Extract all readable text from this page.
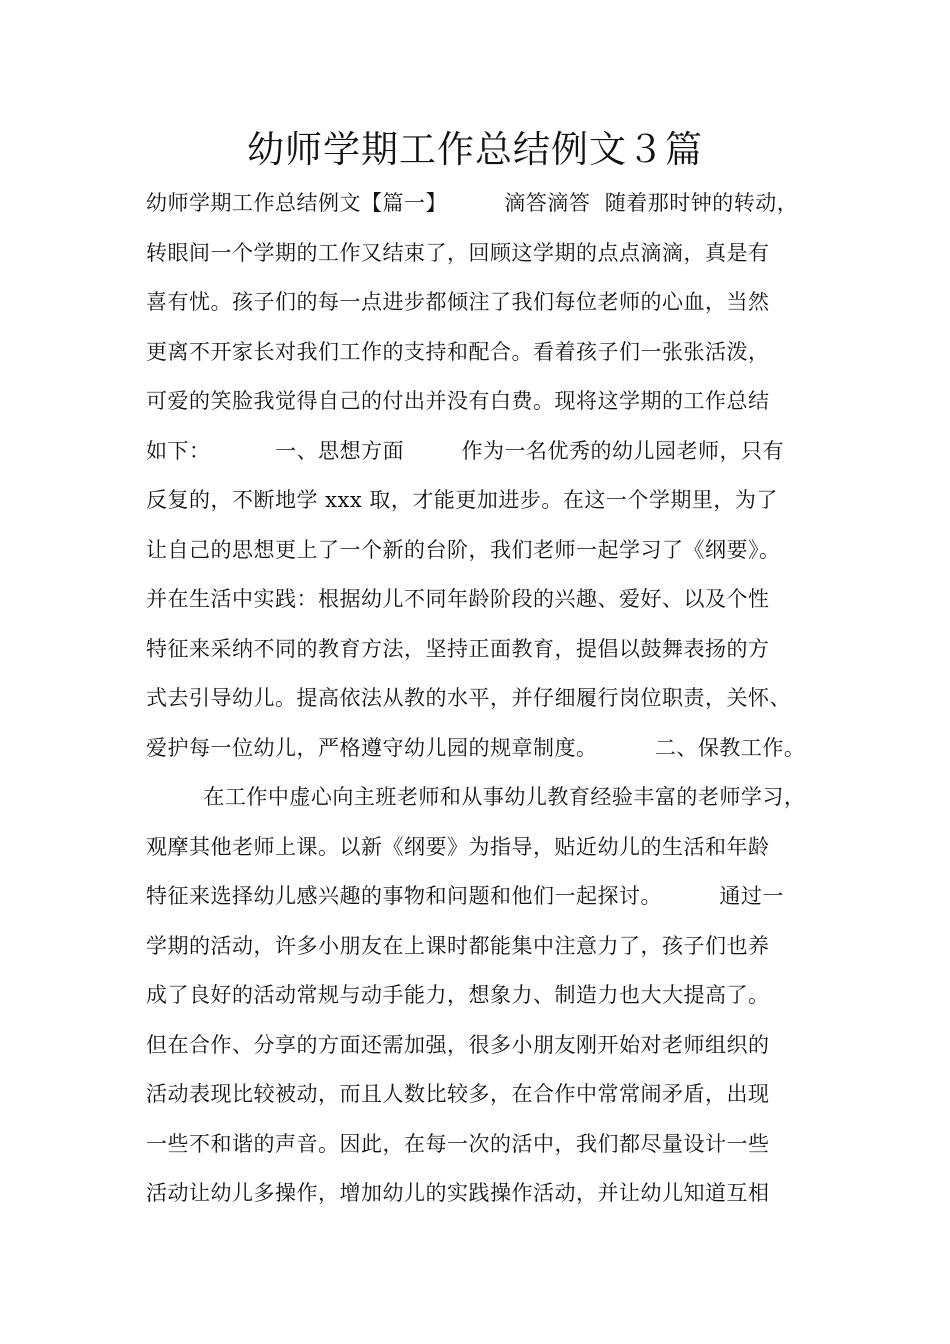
幼师学期工作总结例文３篇
幼师学期工作总结例文【篇一】        滴答滴答  随着那时钟的转动，
转眼间一个学期的工作又结束了，回顾这学期的点点滴滴，真是有
喜有忧。孩子们的每一点进步都倾注了我们每位老师的心血，当然
更离不开家长对我们工作的支持和配合。看着孩子们一张张活泼，
可爱的笑脸我觉得自己的付出并没有白费。现将这学期的工作总结
如下：         一、思想方面        作为一名优秀的幼儿园老师，只有
反复的，不断地学 xxx 取，才能更加进步。在这一个学期里，为了
让自己的思想更上了一个新的台阶，我们老师一起学习了《纲要》。
并在生活中实践：根据幼儿不同年龄阶段的兴趣、爱好、以及个性
特征来采纳不同的教育方法，坚持正面教育，提倡以鼓舞表扬的方
式去引导幼儿。提高依法从教的水平，并仔细履行岗位职责，关怀、
爱护每一位幼儿，严格遵守幼儿园的规章制度。        二、保教工作。
在工作中虚心向主班老师和从事幼儿教育经验丰富的老师学习，
观摩其他老师上课。以新《纲要》为指导，贴近幼儿的生活和年龄
特征来选择幼儿感兴趣的事物和问题和他们一起探讨。        通过一
学期的活动，许多小朋友在上课时都能集中注意力了，孩子们也养
成了良好的活动常规与动手能力，想象力、制造力也大大提高了。
但在合作、分享的方面还需加强，很多小朋友刚开始对老师组织的
活动表现比较被动，而且人数比较多，在合作中常常闹矛盾，出现
一些不和谐的声音。因此，在每一次的活中，我们都尽量设计一些
活动让幼儿多操作，增加幼儿的实践操作活动，并让幼儿知道互相
